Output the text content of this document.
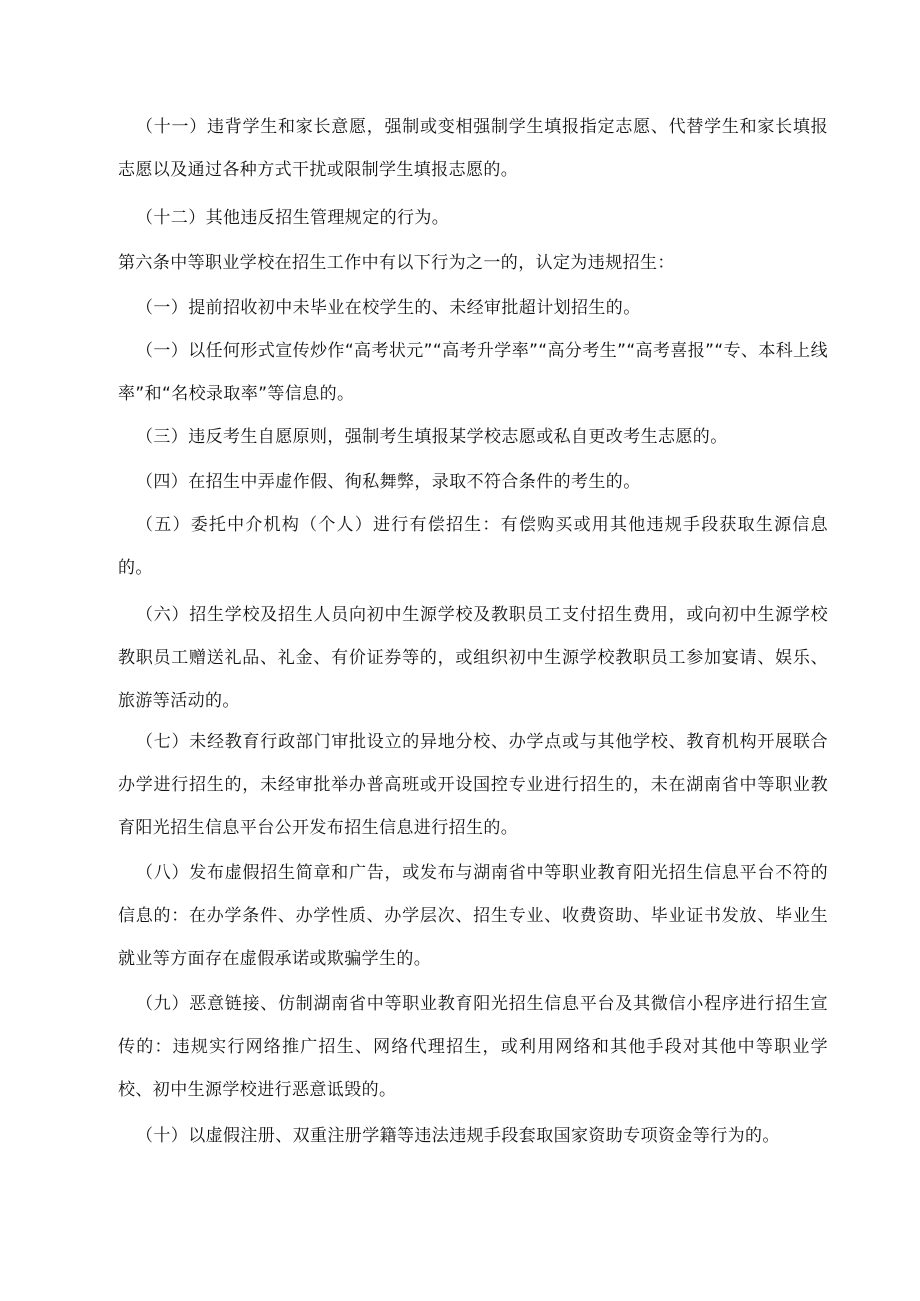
（十一）违背学生和家长意愿，强制或变相强制学生填报指定志愿、代替学生和家长填报志愿以及通过各种方式干扰或限制学生填报志愿的。

（十二）其他违反招生管理规定的行为。

第六条中等职业学校在招生工作中有以下行为之一的，认定为违规招生：

（一）提前招收初中未毕业在校学生的、未经审批超计划招生的。

（一）以任何形式宣传炒作“高考状元”“高考升学率”“高分考生”“高考喜报”“专、本科上线率”和“名校录取率”等信息的。

（三）违反考生自愿原则，强制考生填报某学校志愿或私自更改考生志愿的。

（四）在招生中弄虚作假、徇私舞弊，录取不符合条件的考生的。

（五）委托中介机构（个人）进行有偿招生：有偿购买或用其他违规手段获取生源信息的。

（六）招生学校及招生人员向初中生源学校及教职员工支付招生费用，或向初中生源学校教职员工赠送礼品、礼金、有价证券等的，或组织初中生源学校教职员工参加宴请、娱乐、旅游等活动的。

（七）未经教育行政部门审批设立的异地分校、办学点或与其他学校、教育机构开展联合办学进行招生的，未经审批举办普高班或开设国控专业进行招生的，未在湖南省中等职业教育阳光招生信息平台公开发布招生信息进行招生的。

（八）发布虚假招生简章和广告，或发布与湖南省中等职业教育阳光招生信息平台不符的信息的：在办学条件、办学性质、办学层次、招生专业、收费资助、毕业证书发放、毕业生就业等方面存在虚假承诺或欺骗学生的。

（九）恶意链接、仿制湖南省中等职业教育阳光招生信息平台及其微信小程序进行招生宣传的：违规实行网络推广招生、网络代理招生，或利用网络和其他手段对其他中等职业学校、初中生源学校进行恶意诋毁的。

（十）以虚假注册、双重注册学籍等违法违规手段套取国家资助专项资金等行为的。
